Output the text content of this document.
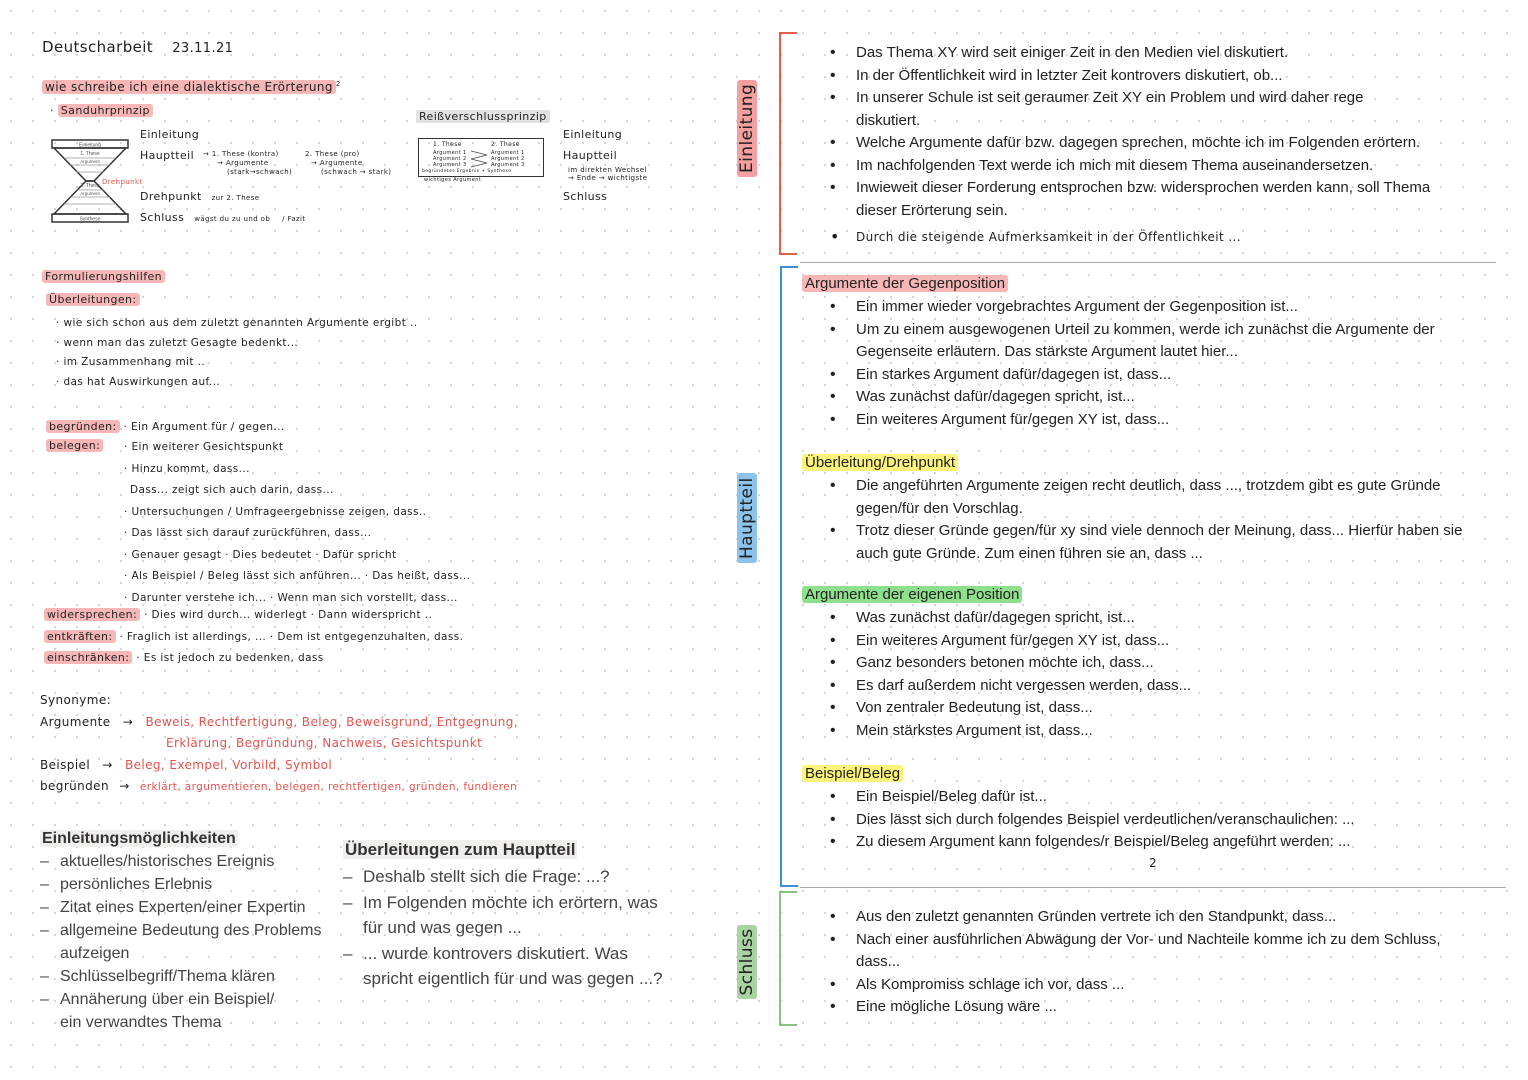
Deutscharbeit 23.11.21
wie schreibe ich eine dialektische Erörterung $^2$
· Sanduhrprinzip
Einleitung
1. These
Argument
2. These
Argument
Synthese
Drehpunkt
Einleitung
Hauptteil → 1. These (kontra)
→ Argumente
(stark→schwach)
2. These (pro)
→ Argumente
(schwach → stark)
Drehpunkt zur 2. These
Schluss wägst du zu und ob / Fazit
Reißverschlussprinzip
1. These	2. These
Argument 1
Argument 2
Argument 3
Argument 1
Argument 2
Argument 3
begründetes Ergebnis + Synthese
wichtiges Argument
Einleitung
Hauptteil
im direkten Wechsel
→ Ende → wichtigste
Schluss
Formulierungshilfen
Überleitungen:
· wie sich schon aus dem zuletzt genannten Argumente ergibt ..
· wenn man das zuletzt Gesagte bedenkt...
· im Zusammenhang mit ..
· das hat Auswirkungen auf...
begründen: · Ein Argument für / gegen...
belegen: · Ein weiterer Gesichtspunkt
· Hinzu kommt, dass...
Dass... zeigt sich auch darin, dass...
· Untersuchungen / Umfrageergebnisse zeigen, dass..
· Das lässt sich darauf zurückführen, dass...
· Genauer gesagt · Dies bedeutet · Dafür spricht
· Als Beispiel / Beleg lässt sich anführen... · Das heißt, dass...
· Darunter verstehe ich... · Wenn man sich vorstellt, dass...
widersprechen: · Dies wird durch... widerlegt · Dann widerspricht ..
entkräften: · Fraglich ist allerdings, ... · Dem ist entgegenzuhalten, dass.
einschränken: · Es ist jedoch zu bedenken, dass
Synonyme:
Argumente → Beweis, Rechtfertigung, Beleg, Beweisgrund, Entgegnung,
Erklärung, Begründung, Nachweis, Gesichtspunkt
Beispiel → Beleg, Exempel, Vorbild, Symbol
begründen → erklärt, argumentieren, belegen, rechtfertigen, gründen, fundieren
Einleitungsmöglichkeiten
– aktuelles/historisches Ereignis
– persönliches Erlebnis
– Zitat eines Experten/einer Expertin
– allgemeine Bedeutung des Problems aufzeigen
– Schlüsselbegriff/Thema klären
– Annäherung über ein Beispiel/ ein verwandtes Thema
Überleitungen zum Hauptteil
– Deshalb stellt sich die Frage: ...?
– Im Folgenden möchte ich erörtern, was für und was gegen ...
– ... wurde kontrovers diskutiert. Was spricht eigentlich für und was gegen ...?
Einleitung
• Das Thema XY wird seit einiger Zeit in den Medien viel diskutiert.
• In der Öffentlichkeit wird in letzter Zeit kontrovers diskutiert, ob...
• In unserer Schule ist seit geraumer Zeit XY ein Problem und wird daher rege diskutiert.
• Welche Argumente dafür bzw. dagegen sprechen, möchte ich im Folgenden erörtern.
• Im nachfolgenden Text werde ich mich mit diesem Thema auseinandersetzen.
• Inwieweit dieser Forderung entsprochen bzw. widersprochen werden kann, soll Thema dieser Erörterung sein.
• Durch die steigende Aufmerksamkeit in der Öffentlichkeit ...
Hauptteil
Argumente der Gegenposition
• Ein immer wieder vorgebrachtes Argument der Gegenposition ist...
• Um zu einem ausgewogenen Urteil zu kommen, werde ich zunächst die Argumente der Gegenseite erläutern. Das stärkste Argument lautet hier...
• Ein starkes Argument dafür/dagegen ist, dass...
• Was zunächst dafür/dagegen spricht, ist...
• Ein weiteres Argument für/gegen XY ist, dass...
Überleitung/Drehpunkt
• Die angeführten Argumente zeigen recht deutlich, dass ..., trotzdem gibt es gute Gründe gegen/für den Vorschlag.
• Trotz dieser Gründe gegen/für xy sind viele dennoch der Meinung, dass... Hierfür haben sie auch gute Gründe. Zum einen führen sie an, dass ...
Argumente der eigenen Position
• Was zunächst dafür/dagegen spricht, ist...
• Ein weiteres Argument für/gegen XY ist, dass...
• Ganz besonders betonen möchte ich, dass...
• Es darf außerdem nicht vergessen werden, dass...
• Von zentraler Bedeutung ist, dass...
• Mein stärkstes Argument ist, dass...
Beispiel/Beleg
• Ein Beispiel/Beleg dafür ist...
• Dies lässt sich durch folgendes Beispiel verdeutlichen/veranschaulichen: ...
• Zu diesem Argument kann folgendes/r Beispiel/Beleg angeführt werden: ...
2
Schluss
• Aus den zuletzt genannten Gründen vertrete ich den Standpunkt, dass...
• Nach einer ausführlichen Abwägung der Vor- und Nachteile komme ich zu dem Schluss, dass...
• Als Kompromiss schlage ich vor, dass ...
• Eine mögliche Lösung wäre ...
